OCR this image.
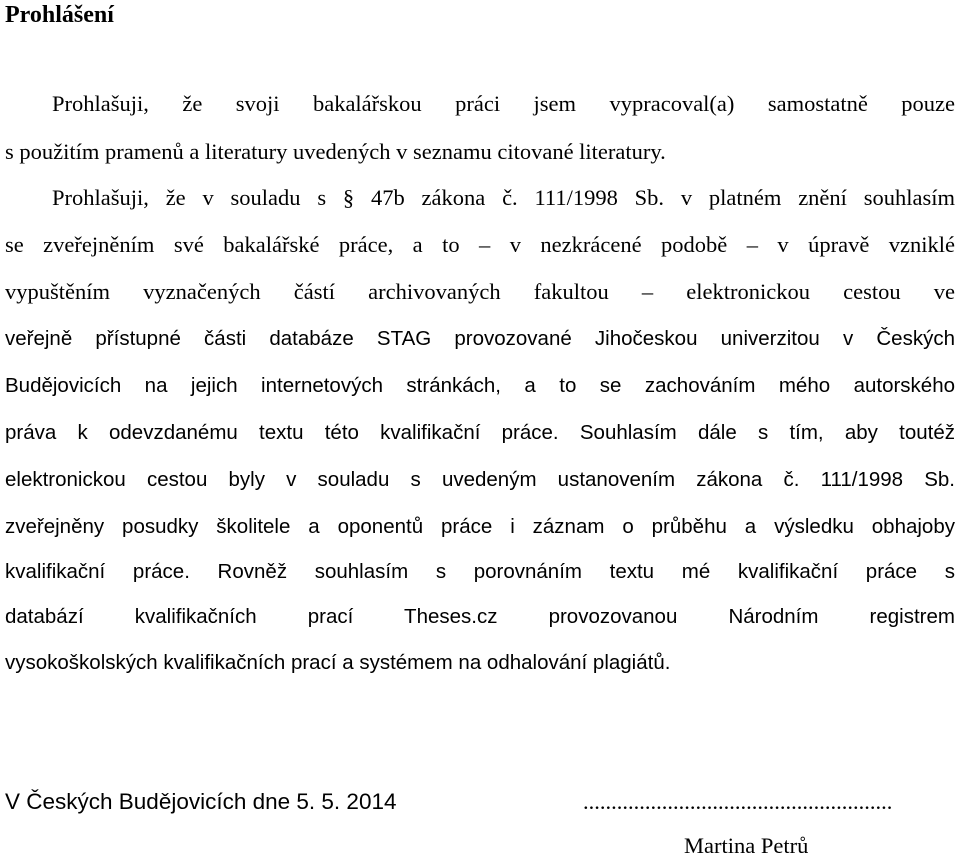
Prohlášení
Prohlašuji, že svoji bakalářskou práci jsem vypracoval(a) samostatně pouze
s použitím pramenů a literatury uvedených v seznamu citované literatury.
Prohlašuji, že v souladu s § 47b zákona č. 111/1998 Sb. v platném znění souhlasím
se zveřejněním své bakalářské práce, a to – v nezkrácené podobě – v úpravě vzniklé
vypuštěním vyznačených částí archivovaných fakultou – elektronickou cestou ve
veřejně přístupné části databáze STAG provozované Jihočeskou univerzitou v Českých
Budějovicích na jejich internetových stránkách, a to se zachováním mého autorského
práva k odevzdanému textu této kvalifikační práce. Souhlasím dále s tím, aby toutéž
elektronickou cestou byly v souladu s uvedeným ustanovením zákona č. 111/1998 Sb.
zveřejněny posudky školitele a oponentů práce i záznam o průběhu a výsledku obhajoby
kvalifikační práce. Rovněž souhlasím s porovnáním textu mé kvalifikační práce s
databází kvalifikačních prací Theses.cz provozovanou Národním registrem
vysokoškolských kvalifikačních prací a systémem na odhalování plagiátů.
V Českých Budějovicích dne 5. 5. 2014	.......................................................
Martina Petrů
